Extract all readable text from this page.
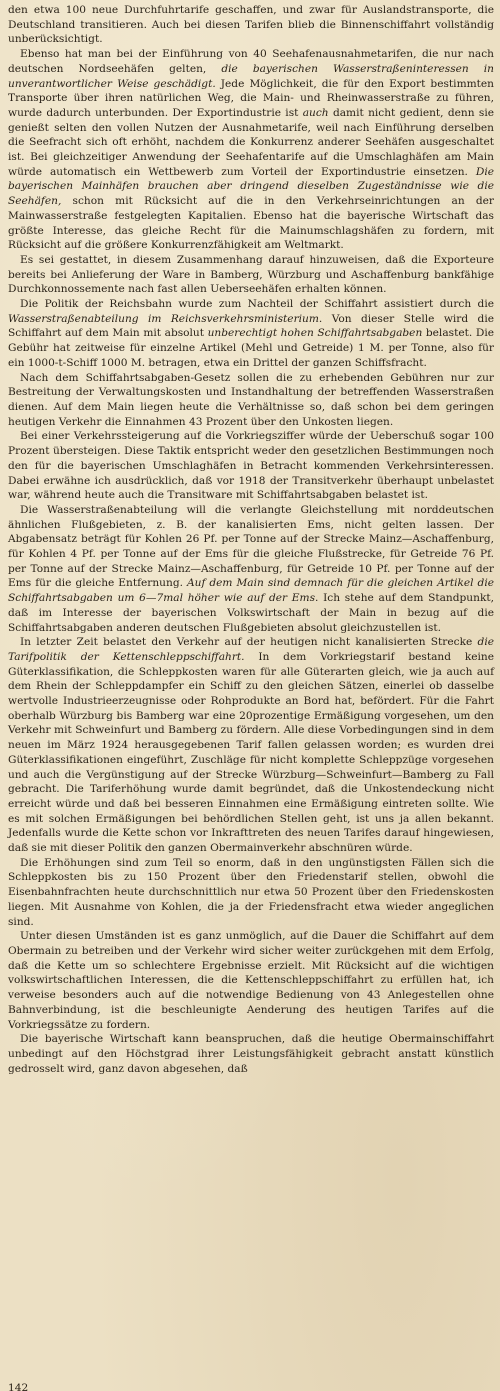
den etwa 100 neue Durchfuhrtarife geschaffen, und zwar für Auslandstransporte, die Deutschland transitieren. Auch bei diesen Tarifen blieb die Binnenschiffahrt vollständig unberücksichtigt.

Ebenso hat man bei der Einführung von 40 Seehafenausnahmetarifen, die nur nach deutschen Nordseehäfen gelten, die bayerischen Wasserstraßeninteressen in unverantwortlicher Weise geschädigt. Jede Möglichkeit, die für den Export bestimmten Transporte über ihren natürlichen Weg, die Main- und Rheinwasserstraße zu führen, wurde dadurch unterbunden. Der Exportindustrie ist auch damit nicht gedient, denn sie genießt selten den vollen Nutzen der Ausnahmetarife, weil nach Einführung derselben die Seefracht sich oft erhöht, nachdem die Konkurrenz anderer Seehäfen ausgeschaltet ist. Bei gleichzeitiger Anwendung der Seehafentarife auf die Umschlaghäfen am Main würde automatisch ein Wettbewerb zum Vorteil der Exportindustrie einsetzen. Die bayerischen Mainhäfen brauchen aber dringend dieselben Zugeständnisse wie die Seehäfen, schon mit Rücksicht auf die in den Verkehrseinrichtungen an der Mainwasserstraße festgelegten Kapitalien. Ebenso hat die bayerische Wirtschaft das größte Interesse, das gleiche Recht für die Mainumschlagshäfen zu fordern, mit Rücksicht auf die größere Konkurrenzfähigkeit am Weltmarkt.

Es sei gestattet, in diesem Zusammenhang darauf hinzuweisen, daß die Exporteure bereits bei Anlieferung der Ware in Bamberg, Würzburg und Aschaffenburg bankfähige Durchkonnossemente nach fast allen Ueberseehäfen erhalten können.

Die Politik der Reichsbahn wurde zum Nachteil der Schiffahrt assistiert durch die Wasserstraßenabteilung im Reichsverkehrsministerium. Von dieser Stelle wird die Schiffahrt auf dem Main mit absolut unberechtigt hohen Schiffahrtsabgaben belastet. Die Gebühr hat zeitweise für einzelne Artikel (Mehl und Getreide) 1 M. per Tonne, also für ein 1000-t-Schiff 1000 M. betragen, etwa ein Drittel der ganzen Schiffsfracht.

Nach dem Schiffahrtsabgaben-Gesetz sollen die zu erhebenden Gebühren nur zur Bestreitung der Verwaltungskosten und Instandhaltung der betreffenden Wasserstraßen dienen. Auf dem Main liegen heute die Verhältnisse so, daß schon bei dem geringen heutigen Verkehr die Einnahmen 43 Prozent über den Unkosten liegen.

Bei einer Verkehrssteigerung auf die Vorkriegsziffer würde der Ueberschuß sogar 100 Prozent übersteigen. Diese Taktik entspricht weder den gesetzlichen Bestimmungen noch den für die bayerischen Umschlaghäfen in Betracht kommenden Verkehrsinteressen. Dabei erwähne ich ausdrücklich, daß vor 1918 der Transitverkehr überhaupt unbelastet war, während heute auch die Transitware mit Schiffahrtsabgaben belastet ist.

Die Wasserstraßenabteilung will die verlangte Gleichstellung mit norddeutschen ähnlichen Flußgebieten, z. B. der kanalisierten Ems, nicht gelten lassen. Der Abgabensatz beträgt für Kohlen 26 Pf. per Tonne auf der Strecke Mainz—Aschaffenburg, für Kohlen 4 Pf. per Tonne auf der Ems für die gleiche Flußstrecke, für Getreide 76 Pf. per Tonne auf der Strecke Mainz—Aschaffenburg, für Getreide 10 Pf. per Tonne auf der Ems für die gleiche Entfernung. Auf dem Main sind demnach für die gleichen Artikel die Schiffahrtsabgaben um 6—7mal höher wie auf der Ems. Ich stehe auf dem Standpunkt, daß im Interesse der bayerischen Volkswirtschaft der Main in bezug auf die Schiffahrtsabgaben anderen deutschen Flußgebieten absolut gleichzustellen ist.

In letzter Zeit belastet den Verkehr auf der heutigen nicht kanalisierten Strecke die Tarifpolitik der Kettenschleppschiffahrt. In dem Vorkriegstarif bestand keine Güterklassifikation, die Schleppkosten waren für alle Güterarten gleich, wie ja auch auf dem Rhein der Schleppdampfer ein Schiff zu den gleichen Sätzen, einerlei ob dasselbe wertvolle Industrieerzeugnisse oder Rohprodukte an Bord hat, befördert. Für die Fahrt oberhalb Würzburg bis Bamberg war eine 20prozentige Ermäßigung vorgesehen, um den Verkehr mit Schweinfurt und Bamberg zu fördern. Alle diese Vorbedingungen sind in dem neuen im März 1924 herausgegebenen Tarif fallen gelassen worden; es wurden drei Güterklassifikationen eingeführt, Zuschläge für nicht komplette Schleppzüge vorgesehen und auch die Vergünstigung auf der Strecke Würzburg—Schweinfurt—Bamberg zu Fall gebracht. Die Tariferhöhung wurde damit begründet, daß die Unkostendeckung nicht erreicht würde und daß bei besseren Einnahmen eine Ermäßigung eintreten sollte. Wie es mit solchen Ermäßigungen bei behördlichen Stellen geht, ist uns ja allen bekannt. Jedenfalls wurde die Kette schon vor Inkrafttreten des neuen Tarifes darauf hingewiesen, daß sie mit dieser Politik den ganzen Obermainverkehr abschnüren würde.

Die Erhöhungen sind zum Teil so enorm, daß in den ungünstigsten Fällen sich die Schleppkosten bis zu 150 Prozent über den Friedenstarif stellen, obwohl die Eisenbahnfrachten heute durchschnittlich nur etwa 50 Prozent über den Friedenskosten liegen. Mit Ausnahme von Kohlen, die ja der Friedensfracht etwa wieder angeglichen sind.

Unter diesen Umständen ist es ganz unmöglich, auf die Dauer die Schiffahrt auf dem Obermain zu betreiben und der Verkehr wird sicher weiter zurückgehen mit dem Erfolg, daß die Kette um so schlechtere Ergebnisse erzielt. Mit Rücksicht auf die wichtigen volkswirtschaftlichen Interessen, die die Kettenschleppschiffahrt zu erfüllen hat, ich verweise besonders auch auf die notwendige Bedienung von 43 Anlegestellen ohne Bahnverbindung, ist die beschleunigte Aenderung des heutigen Tarifes auf die Vorkriegssätze zu fordern.

Die bayerische Wirtschaft kann beanspruchen, daß die heutige Obermainschiffahrt unbedingt auf den Höchstgrad ihrer Leistungsfähigkeit gebracht anstatt künstlich gedrosselt wird, ganz davon abgesehen, daß

142
